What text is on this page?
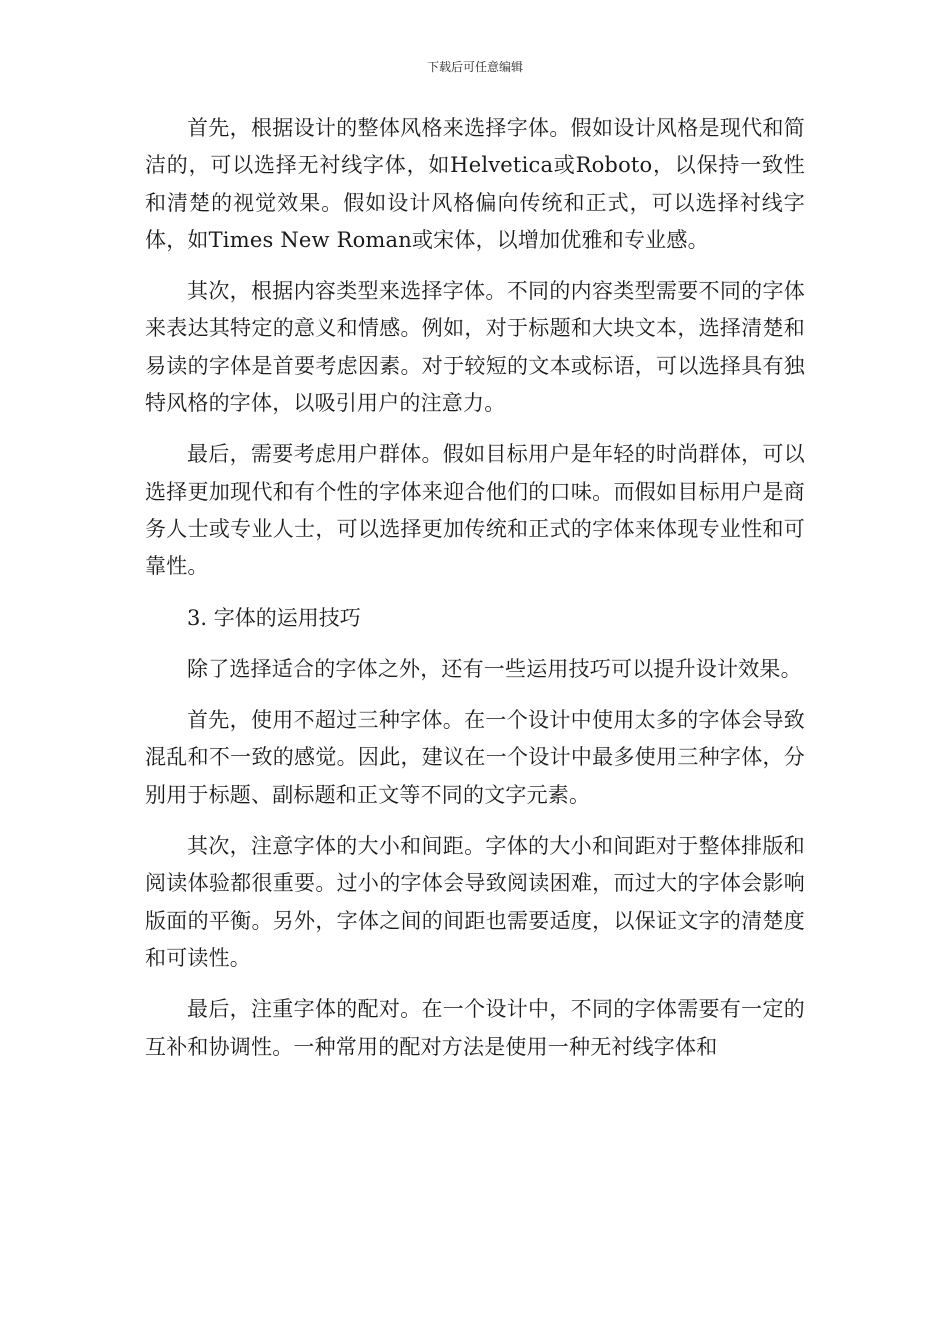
下载后可任意编辑

首先，根据设计的整体风格来选择字体。假如设计风格是现代和简洁的，可以选择无衬线字体，如Helvetica或Roboto，以保持一致性和清楚的视觉效果。假如设计风格偏向传统和正式，可以选择衬线字体，如Times New Roman或宋体，以增加优雅和专业感。

其次，根据内容类型来选择字体。不同的内容类型需要不同的字体来表达其特定的意义和情感。例如，对于标题和大块文本，选择清楚和易读的字体是首要考虑因素。对于较短的文本或标语，可以选择具有独特风格的字体，以吸引用户的注意力。

最后，需要考虑用户群体。假如目标用户是年轻的时尚群体，可以选择更加现代和有个性的字体来迎合他们的口味。而假如目标用户是商务人士或专业人士，可以选择更加传统和正式的字体来体现专业性和可靠性。

3. 字体的运用技巧

除了选择适合的字体之外，还有一些运用技巧可以提升设计效果。

首先，使用不超过三种字体。在一个设计中使用太多的字体会导致混乱和不一致的感觉。因此，建议在一个设计中最多使用三种字体，分别用于标题、副标题和正文等不同的文字元素。

其次，注意字体的大小和间距。字体的大小和间距对于整体排版和阅读体验都很重要。过小的字体会导致阅读困难，而过大的字体会影响版面的平衡。另外，字体之间的间距也需要适度，以保证文字的清楚度和可读性。

最后，注重字体的配对。在一个设计中，不同的字体需要有一定的互补和协调性。一种常用的配对方法是使用一种无衬线字体和
